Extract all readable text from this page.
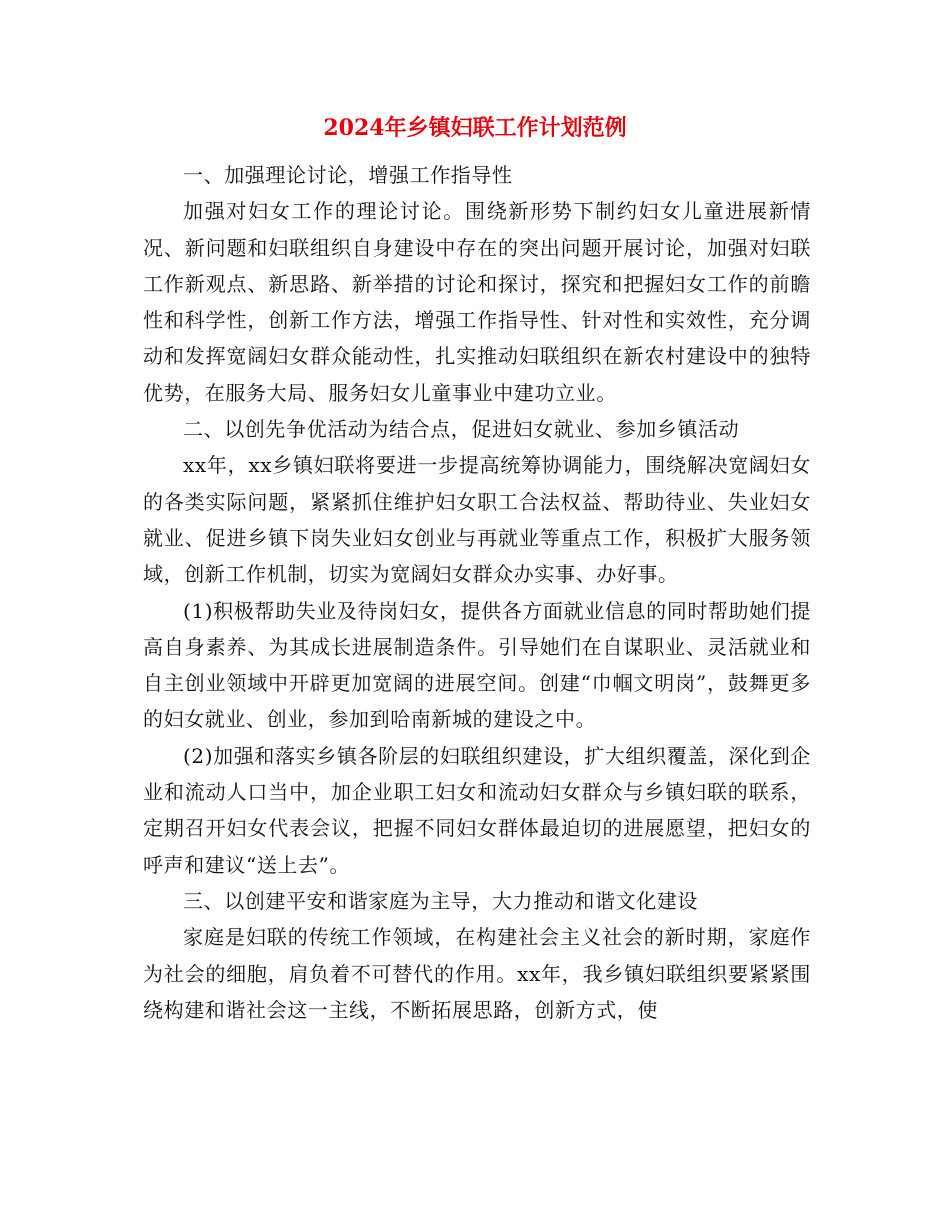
2024年乡镇妇联工作计划范例

一、加强理论讨论，增强工作指导性

加强对妇女工作的理论讨论。围绕新形势下制约妇女儿童进展新情况、新问题和妇联组织自身建设中存在的突出问题开展讨论，加强对妇联工作新观点、新思路、新举措的讨论和探讨，探究和把握妇女工作的前瞻性和科学性，创新工作方法，增强工作指导性、针对性和实效性，充分调动和发挥宽阔妇女群众能动性，扎实推动妇联组织在新农村建设中的独特优势，在服务大局、服务妇女儿童事业中建功立业。

二、以创先争优活动为结合点，促进妇女就业、参加乡镇活动

xx年，xx乡镇妇联将要进一步提高统筹协调能力，围绕解决宽阔妇女的各类实际问题，紧紧抓住维护妇女职工合法权益、帮助待业、失业妇女就业、促进乡镇下岗失业妇女创业与再就业等重点工作，积极扩大服务领域，创新工作机制，切实为宽阔妇女群众办实事、办好事。

(1)积极帮助失业及待岗妇女，提供各方面就业信息的同时帮助她们提高自身素养、为其成长进展制造条件。引导她们在自谋职业、灵活就业和自主创业领域中开辟更加宽阔的进展空间。创建“巾帼文明岗”，鼓舞更多的妇女就业、创业，参加到哈南新城的建设之中。

(2)加强和落实乡镇各阶层的妇联组织建设，扩大组织覆盖，深化到企业和流动人口当中，加企业职工妇女和流动妇女群众与乡镇妇联的联系，定期召开妇女代表会议，把握不同妇女群体最迫切的进展愿望，把妇女的呼声和建议“送上去”。

三、以创建平安和谐家庭为主导，大力推动和谐文化建设

家庭是妇联的传统工作领域，在构建社会主义社会的新时期，家庭作为社会的细胞，肩负着不可替代的作用。xx年，我乡镇妇联组织要紧紧围绕构建和谐社会这一主线，不断拓展思路，创新方式，使
